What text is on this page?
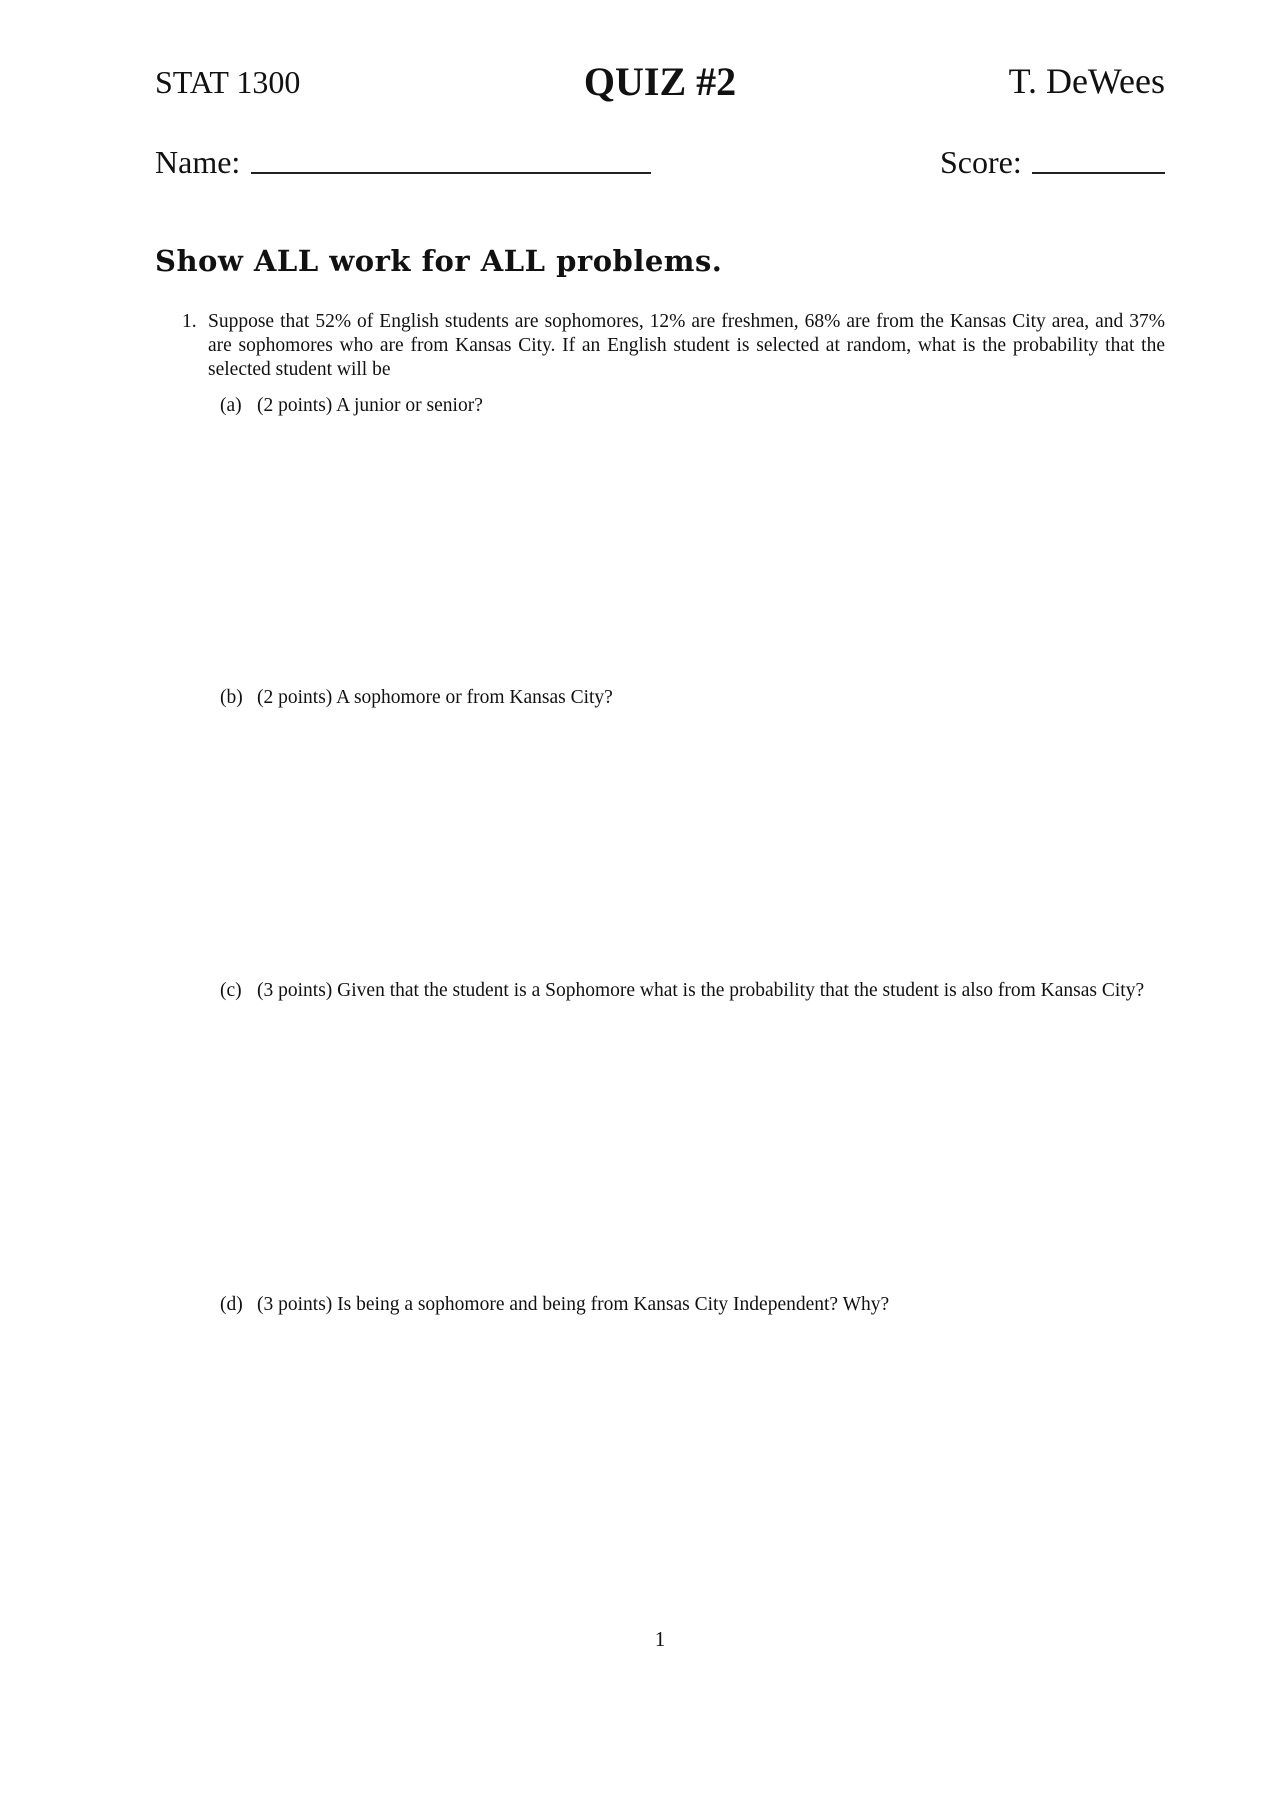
STAT 1300	QUIZ #2	T. DeWees
Name:	Score:
Show ALL work for ALL problems.
1. Suppose that 52% of English students are sophomores, 12% are freshmen, 68% are from the Kansas City area, and 37% are sophomores who are from Kansas City. If an English student is selected at random, what is the probability that the selected student will be
(a) (2 points) A junior or senior?
(b) (2 points) A sophomore or from Kansas City?
(c) (3 points) Given that the student is a Sophomore what is the probability that the student is also from Kansas City?
(d) (3 points) Is being a sophomore and being from Kansas City Independent? Why?
1
